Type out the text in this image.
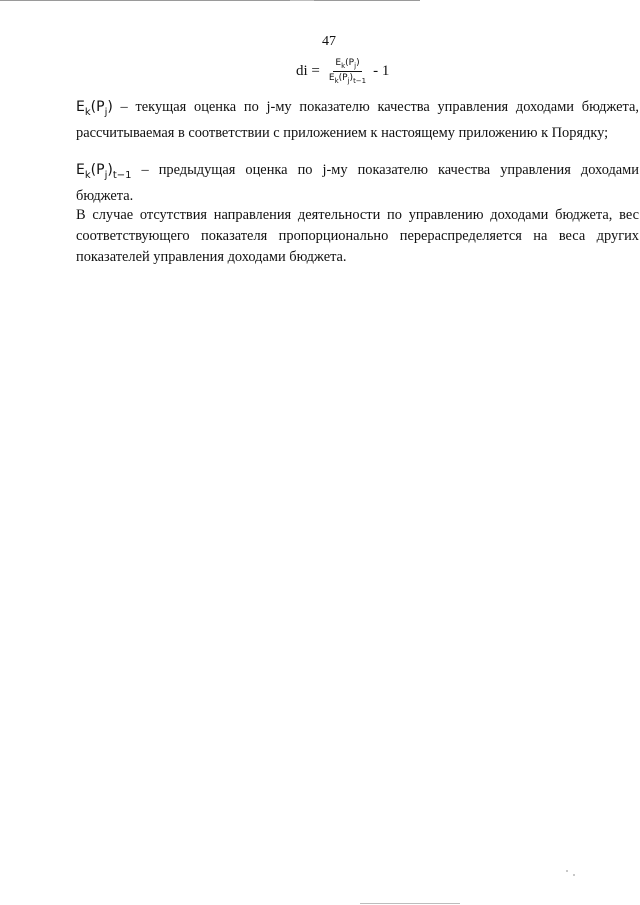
47
di = $\frac{E_k(P_j)}{E_k(P_j)_{t-1}} - 1$

$E_k(P_j)$ – текущая оценка по j-му показателю качества управления доходами бюджета, рассчитываемая в соответствии с приложением к настоящему приложению к Порядку;

$E_k(P_j)_{t-1}$ – предыдущая оценка по j-му показателю качества управления доходами бюджета.

В случае отсутствия направления деятельности по управлению доходами бюджета, вес соответствующего показателя пропорционально перераспределяется на веса других показателей управления доходами бюджета.
